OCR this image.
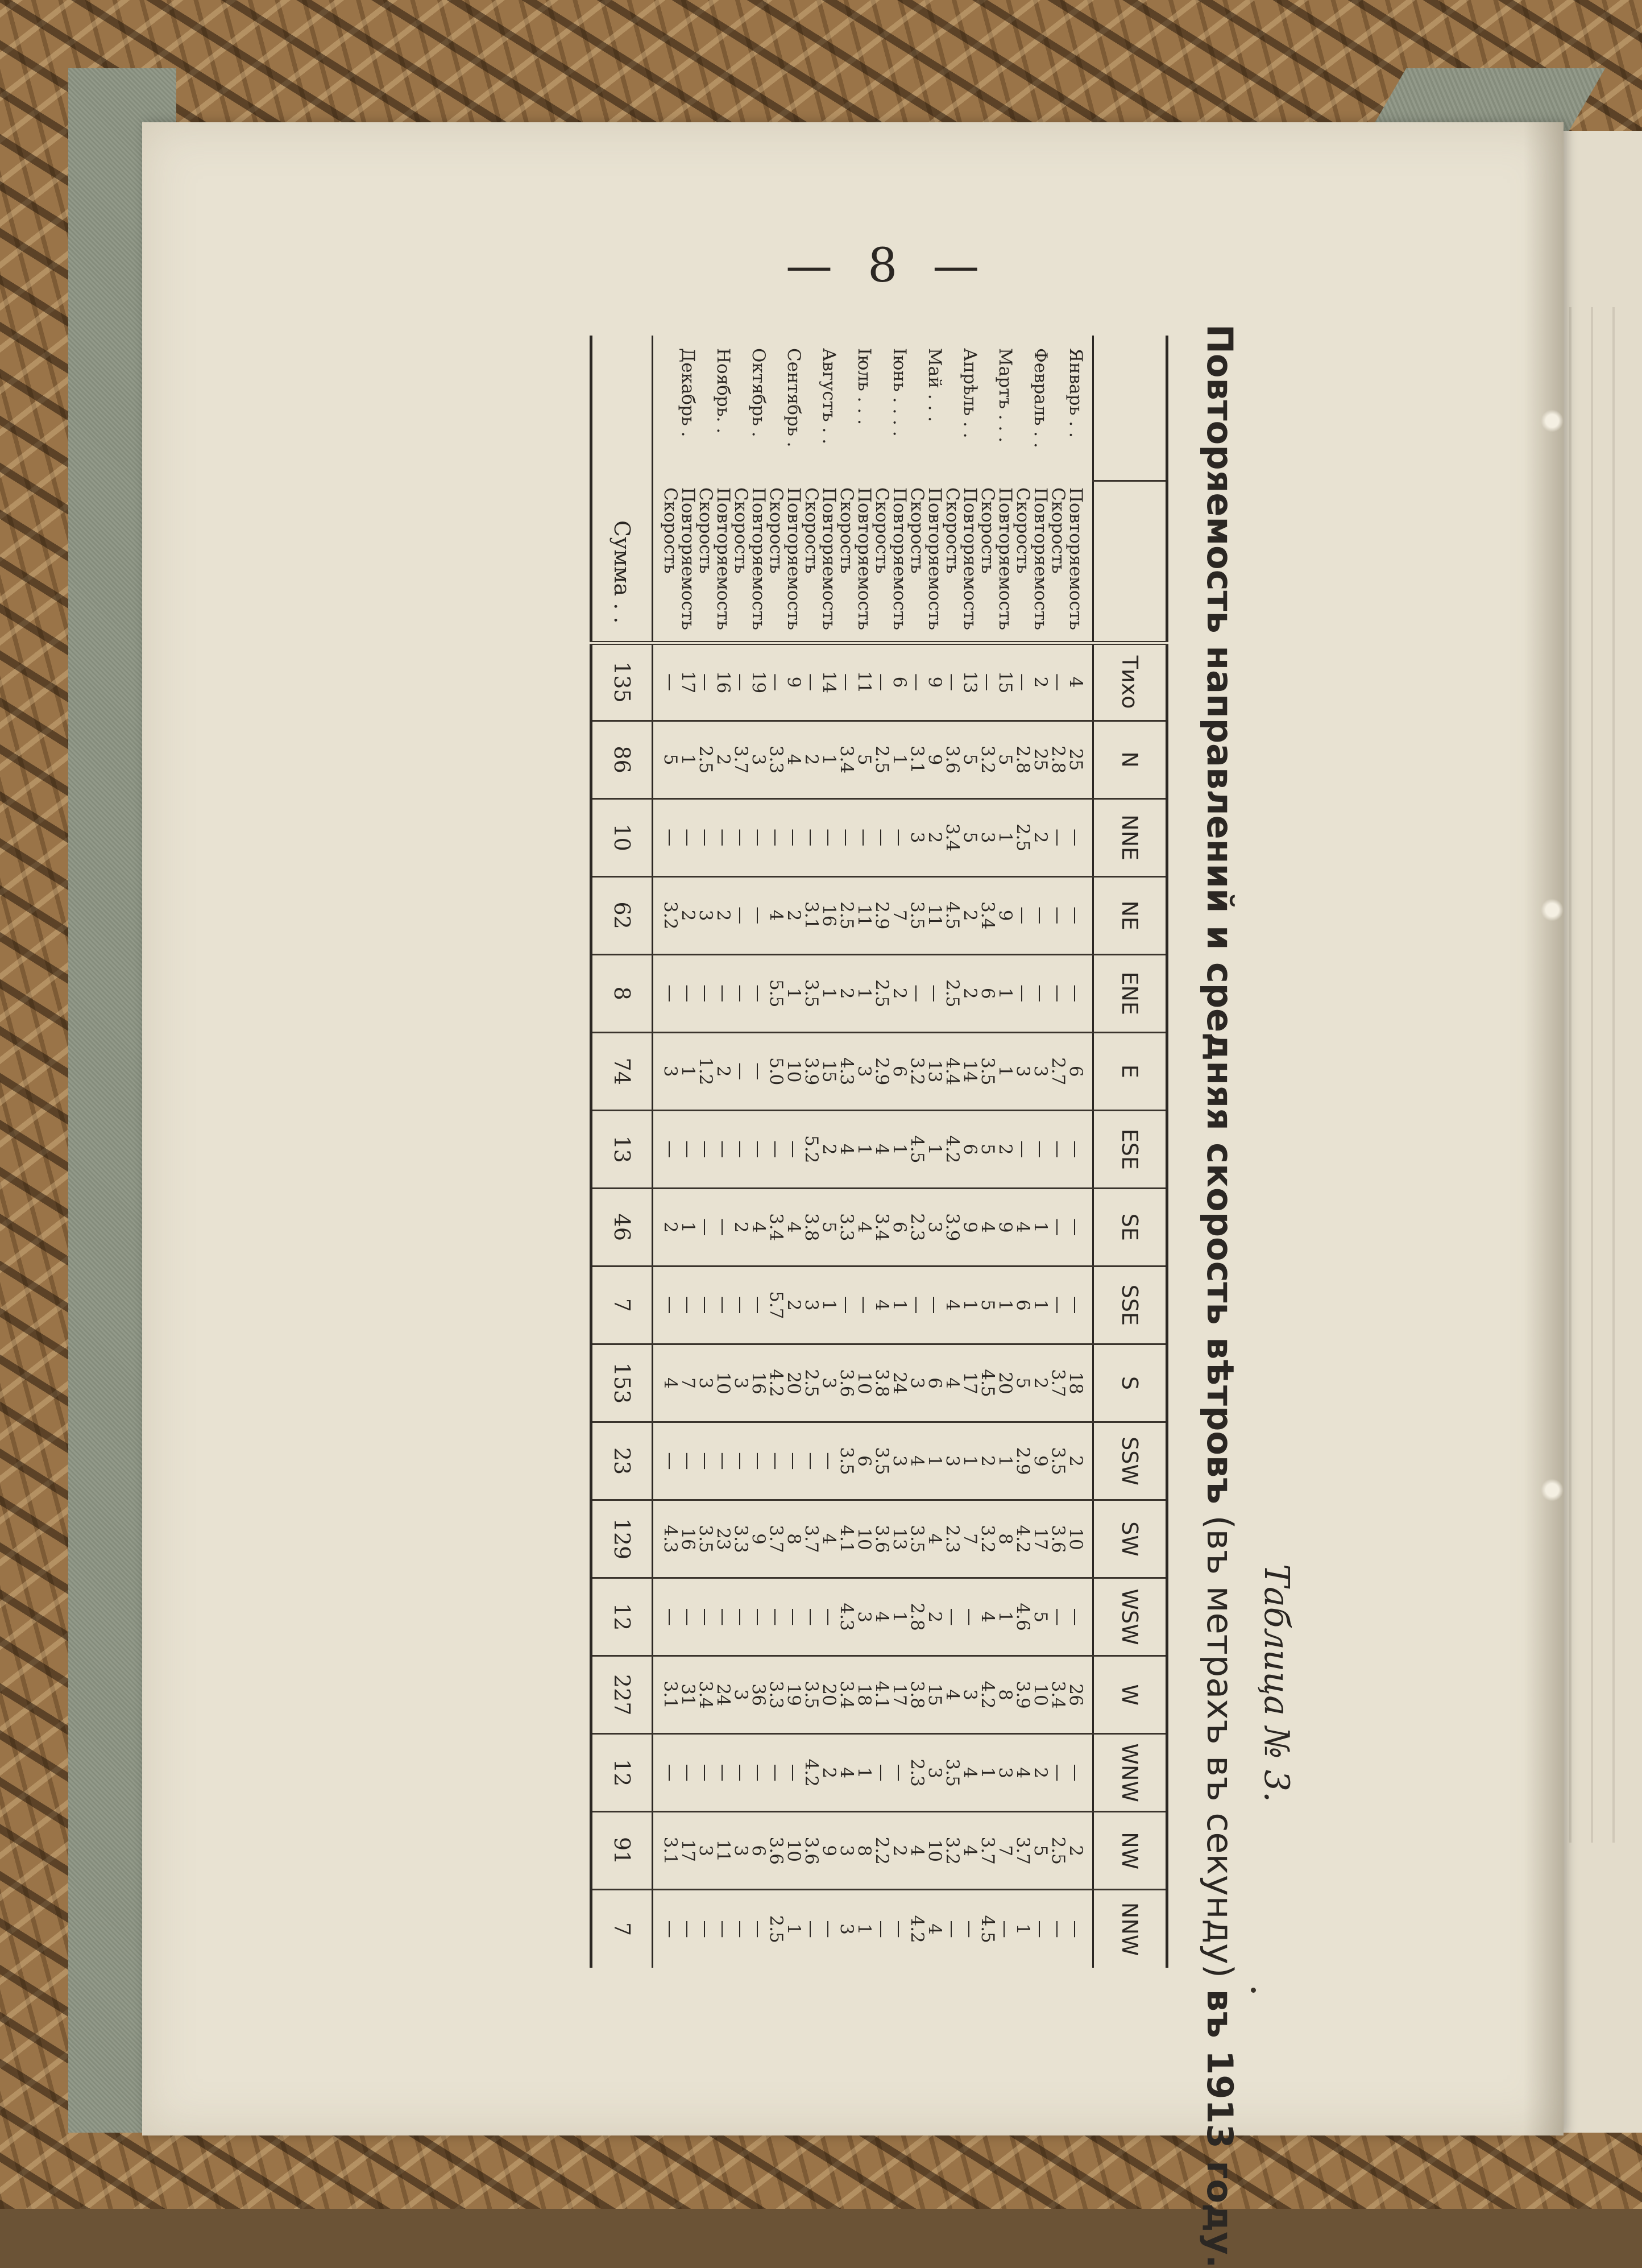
— 8 —
Таблица № 3.
Повторяемость направлений и средняя скорость вѣтровъ (въ метрахъ въ секунду) въ 1913 году.
		Тихо	N	NNE	NE	ENE	E	ESE	SE	SSE	S	SSW	SW	WSW	W	WNW	NW	NNW
Январь . .	Повторяемость	4	25	—	—	—	6	—	—	—	18	2	10	—	26	—	2	—
	Скорость	—	2.8	—	—	—	2.7	—	—	—	3.7	3.5	3.6	—	3.4	—	2.5	—
Февраль . .	Повторяемость	2	25	2	—	—	3	—	1	1	2	9	17	5	10	2	5	—
	Скорость	—	2.8	2.5	—	—	3	—	4	6	5	2.9	4.2	4.6	3.9	4	3.7	1
Мартъ . . .	Повторяемость	15	5	1	9	1	1	2	9	1	20	1	8	1	8	3	7	—
	Скорость	—	3.2	3	3.4	6	3.5	5	4	5	4.5	2	3.2	4	4.2	1	3.7	4.5
Апрѣль . .	Повторяемость	13	5	5	2	2	14	6	9	1	17	1	7	—	3	4	4	—
	Скорость	—	3.6	3.4	4.5	2.5	4.4	4.2	3.9	4	4	3	2.3	—	4	3.5	3.2	—
Май . . .	Повторяемость	9	9	2	11	—	13	1	3	—	6	1	4	2	15	3	10	4
	Скорость	—	3.1	3	3.5	—	3.2	4.5	2.3	—	3	4	3.5	2.8	3.8	2.3	4	4.2
Іюнь . . . .	Повторяемость	6	1	—	7	2	6	1	6	1	24	3	13	1	17	—	2	—
	Скорость	—	2.5	—	2.9	2.5	2.9	4	3.4	4	3.8	3.5	3.6	4	4.1	—	2.2	—
Іюль . . .	Повторяемость	11	5	—	11	1	3	1	4	—	10	6	10	3	18	1	8	1
	Скорость	—	3.4	—	2.5	2	4.3	4	3.3	—	3.6	3.5	4.1	4.3	3.4	4	3	3
Августъ . .	Повторяемость	14	1	—	16	1	15	2	5	1	3	—	4	—	20	2	9	—
	Скорость	—	2	—	3.1	3.5	3.9	5.2	3.8	3	2.5	—	3.7	—	3.5	4.2	3.6	—
Сентябрь .	Повторяемость	9	4	—	2	1	10	—	4	2	20	—	8	—	19	—	10	1
	Скорость	—	3.3	—	4	5.5	5.0	—	3.4	5.7	4.2	—	3.7	—	3.3	—	3.6	2.5
Октябрь .	Повторяемость	19	3	—	—	—	—	—	4	—	16	—	9	—	36	—	6	—
	Скорость	—	3.7	—	—	—	—	—	2	—	3	—	3.3	—	3	—	3	—
Ноябрь. .	Повторяемость	16	2	—	2	—	2	—	—	—	10	—	23	—	24	—	11	—
	Скорость	—	2.5	—	3	—	1.2	—	—	—	3	—	3.5	—	3.4	—	3	—
Декабрь .	Повторяемость	17	1	—	2	—	1	—	1	—	7	—	16	—	31	—	17	—
	Скорость	—	5	—	3.2	—	3	—	2	—	4	—	4.3	—	3.1	—	3.1	—
Сумма . .		135	86	10	62	8	74	13	46	7	153	23	129	12	227	12	91	7
